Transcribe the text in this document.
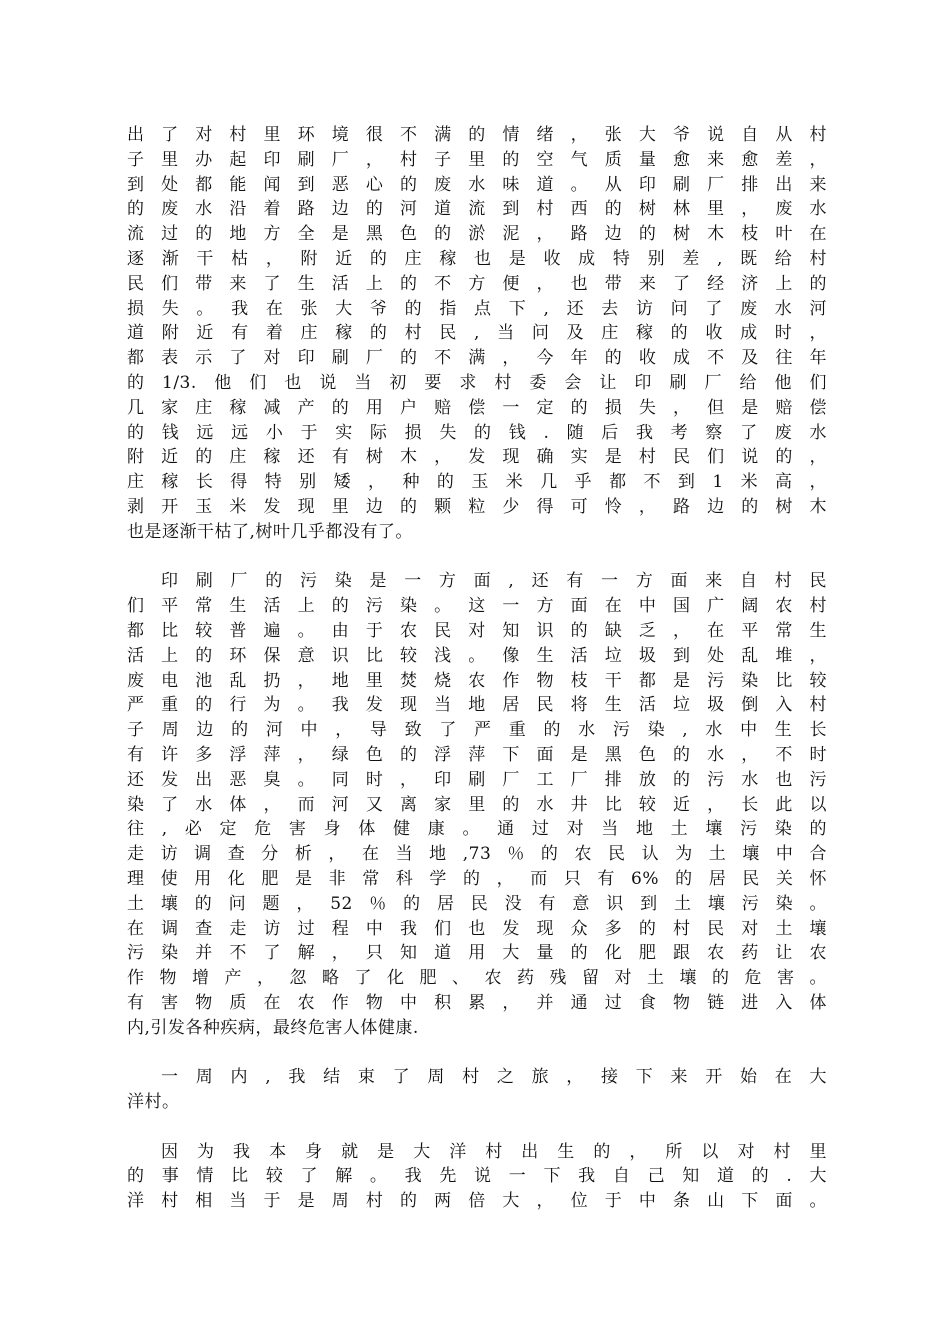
出了对村里环境很不满的情绪，张大爷说自从村
子里办起印刷厂，村子里的空气质量愈来愈差，
到处都能闻到恶心的废水味道。从印刷厂排出来
的废水沿着路边的河道流到村西的树林里，废水
流过的地方全是黑色的淤泥，路边的树木枝叶在
逐渐干枯，附近的庄稼也是收成特别差,既给村
民们带来了生活上的不方便，也带来了经济上的
损失。我在张大爷的指点下,还去访问了废水河
道附近有着庄稼的村民,当问及庄稼的收成时，
都表示了对印刷厂的不满，今年的收成不及往年
的1/3.他们也说当初要求村委会让印刷厂给他们
几家庄稼减产的用户赔偿一定的损失，但是赔偿
的钱远远小于实际损失的钱.随后我考察了废水
附近的庄稼还有树木，发现确实是村民们说的，
庄稼长得特别矮，种的玉米几乎都不到1米高，
剥开玉米发现里边的颗粒少得可怜，路边的树木
也是逐渐干枯了,树叶几乎都没有了。
印刷厂的污染是一方面,还有一方面来自村民
们平常生活上的污染。这一方面在中国广阔农村
都比较普遍。由于农民对知识的缺乏，在平常生
活上的环保意识比较浅。像生活垃圾到处乱堆，
废电池乱扔，地里焚烧农作物枝干都是污染比较
严重的行为。我发现当地居民将生活垃圾倒入村
子周边的河中，导致了严重的水污染,水中生长
有许多浮萍，绿色的浮萍下面是黑色的水，不时
还发出恶臭。同时，印刷厂工厂排放的污水也污
染了水体，而河又离家里的水井比较近，长此以
往,必定危害身体健康。通过对当地土壤污染的
走访调查分析，在当地,73％的农民认为土壤中合
理使用化肥是非常科学的，而只有6%的居民关怀
土壤的问题，52％的居民没有意识到土壤污染。
在调查走访过程中我们也发现众多的村民对土壤
污染并不了解，只知道用大量的化肥跟农药让农
作物增产，忽略了化肥、农药残留对土壤的危害。
有害物质在农作物中积累，并通过食物链进入体
内,引发各种疾病，最终危害人体健康.
一周内,我结束了周村之旅，接下来开始在大
洋村。
因为我本身就是大洋村出生的，所以对村里
的事情比较了解。我先说一下我自己知道的.大
洋村相当于是周村的两倍大，位于中条山下面。
